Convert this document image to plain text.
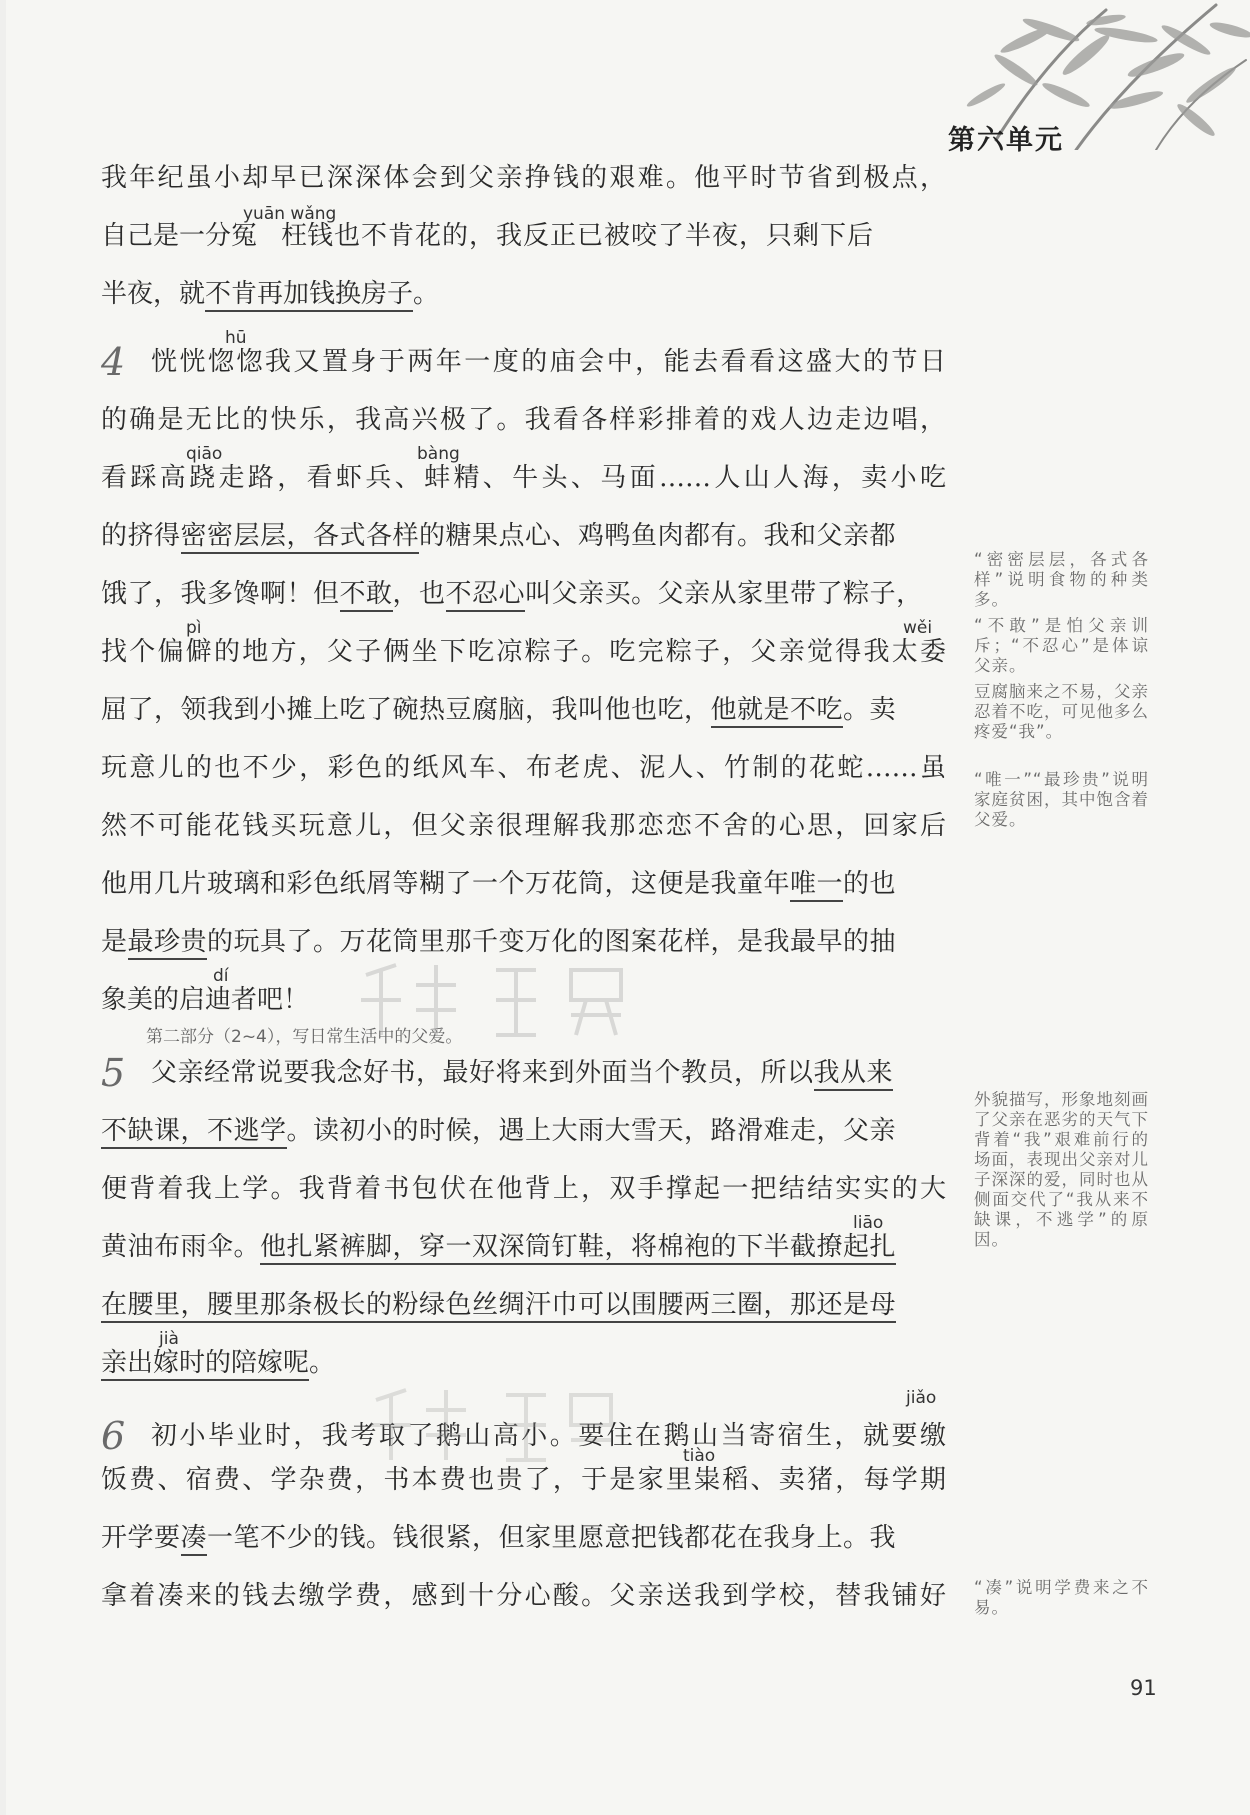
第六单元
我年纪虽小却早已深深体会到父亲挣钱的艰难。他平时节省到极点，
yuān wǎng
自己是一分冤 枉钱也不肯花的，我反正已被咬了半夜，只剩下后
半夜，就不肯再加钱换房子。
hū
4 恍恍惚惚我又置身于两年一度的庙会中，能去看看这盛大的节日
的确是无比的快乐，我高兴极了。我看各样彩排着的戏人边走边唱，
qiāo	bàng
看踩高跷走路，看虾兵、蚌精、牛头、马面……人山人海，卖小吃
的挤得密密层层，各式各样的糖果点心、鸡鸭鱼肉都有。我和父亲都
饿了，我多馋啊！但不敢，也不忍心叫父亲买。父亲从家里带了粽子，
pì	wěi
找个偏僻的地方，父子俩坐下吃凉粽子。吃完粽子，父亲觉得我太委
屈了，领我到小摊上吃了碗热豆腐脑，我叫他也吃，他就是不吃。卖
玩意儿的也不少，彩色的纸风车、布老虎、泥人、竹制的花蛇……虽
然不可能花钱买玩意儿，但父亲很理解我那恋恋不舍的心思，回家后
他用几片玻璃和彩色纸屑等糊了一个万花筒，这便是我童年唯一的也
是最珍贵的玩具了。万花筒里那千变万化的图案花样，是我最早的抽
dí
象美的启迪者吧！
5 父亲经常说要我念好书，最好将来到外面当个教员，所以我从来
不缺课，不逃学。读初小的时候，遇上大雨大雪天，路滑难走，父亲
便背着我上学。我背着书包伏在他背上，双手撑起一把结结实实的大
liāo
黄油布雨伞。他扎紧裤脚，穿一双深筒钉鞋，将棉袍的下半截撩起扎
在腰里，腰里那条极长的粉绿色丝绸汗巾可以围腰两三圈，那还是母
jià
亲出嫁时的陪嫁呢。
jiǎo
6 初小毕业时，我考取了鹅山高小。要住在鹅山当寄宿生，就要缴
tiào
饭费、宿费、学杂费，书本费也贵了，于是家里粜稻、卖猪，每学期
开学要凑一笔不少的钱。钱很紧，但家里愿意把钱都花在我身上。我
拿着凑来的钱去缴学费，感到十分心酸。父亲送我到学校，替我铺好
第二部分（2~4），写日常生活中的父爱。
“密密层层，各式各样”说明食物的种类多。
“不敢”是怕父亲训斥；“不忍心”是体谅父亲。
豆腐脑来之不易，父亲忍着不吃，可见他多么疼爱“我”。
“唯一”“最珍贵”说明家庭贫困，其中饱含着父爱。
外貌描写，形象地刻画了父亲在恶劣的天气下背着“我”艰难前行的场面，表现出父亲对儿子深深的爱，同时也从侧面交代了“我从来不缺课，不逃学”的原因。
“凑”说明学费来之不易。
91
